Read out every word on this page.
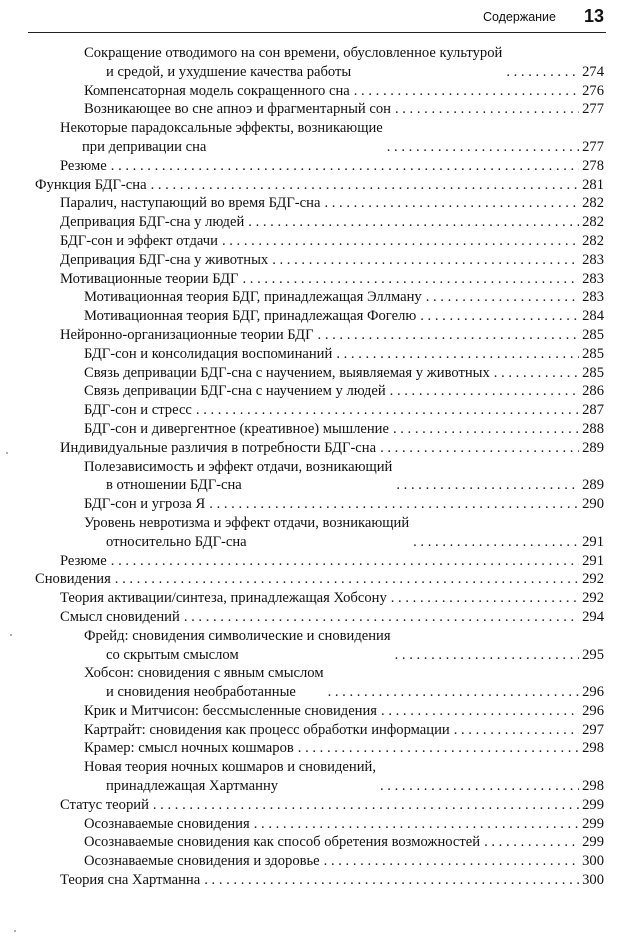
Содержание 13
Сокращение отводимого на сон времени, обусловленное культурой
и средой, и ухудшение качества работы . . .	274
Компенсаторная модель сокращенного сна . . .	276
Возникающее во сне апноэ и фрагментарный сон . . .	277
Некоторые парадоксальные эффекты, возникающие
при депривации сна . . .	277
Резюме . . .	278
Функция БДГ-сна . . .	281
Паралич, наступающий во время БДГ-сна . . .	282
Депривация БДГ-сна у людей . . .	282
БДГ-сон и эффект отдачи . . .	282
Депривация БДГ-сна у животных . . .	283
Мотивационные теории БДГ . . .	283
Мотивационная теория БДГ, принадлежащая Эллману . . .	283
Мотивационная теория БДГ, принадлежащая Фогелю . . .	284
Нейронно-организационные теории БДГ . . .	285
БДГ-сон и консолидация воспоминаний . . .	285
Связь депривации БДГ-сна с научением, выявляемая у животных . . .	285
Связь депривации БДГ-сна с научением у людей . . .	286
БДГ-сон и стресс . . .	287
БДГ-сон и дивергентное (креативное) мышление . . .	288
Индивидуальные различия в потребности БДГ-сна . . .	289
Полезависимость и эффект отдачи, возникающий
в отношении БДГ-сна . . .	289
БДГ-сон и угроза Я . . .	290
Уровень невротизма и эффект отдачи, возникающий
относительно БДГ-сна . . .	291
Резюме . . .	291
Сновидения . . .	292
Теория активации/синтеза, принадлежащая Хобсону . . .	292
Смысл сновидений . . .	294
Фрейд: сновидения символические и сновидения
со скрытым смыслом . . .	295
Хобсон: сновидения с явным смыслом
и сновидения необработанные . . .	296
Крик и Митчисон: бессмысленные сновидения . . .	296
Картрайт: сновидения как процесс обработки информации . . .	297
Крамер: смысл ночных кошмаров . . .	298
Новая теория ночных кошмаров и сновидений,
принадлежащая Хартманну . . .	298
Статус теорий . . .	299
Осознаваемые сновидения . . .	299
Осознаваемые сновидения как способ обретения возможностей . . .	299
Осознаваемые сновидения и здоровье . . .	300
Теория сна Хартманна . . .	300
